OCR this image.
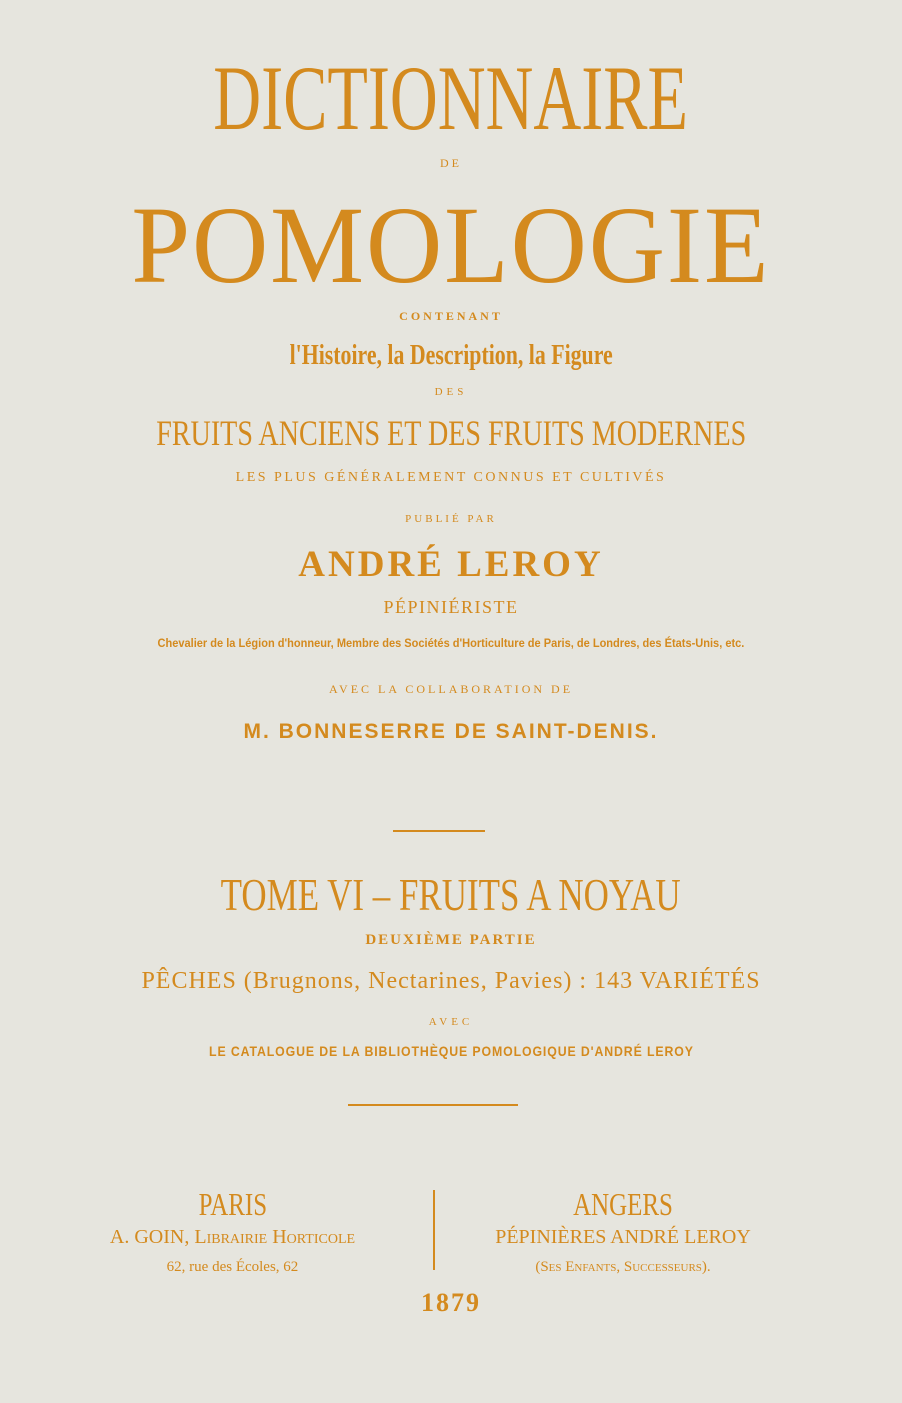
DICTIONNAIRE
DE
POMOLOGIE
CONTENANT
l'Histoire, la Description, la Figure
DES
FRUITS ANCIENS ET DES FRUITS MODERNES
LES PLUS GÉNÉRALEMENT CONNUS ET CULTIVÉS
PUBLIÉ PAR
ANDRÉ LEROY
PÉPINIÉRISTE
Chevalier de la Légion d'honneur, Membre des Sociétés d'Horticulture de Paris, de Londres, des États-Unis, etc.
AVEC LA COLLABORATION DE
M. BONNESERRE DE SAINT-DENIS.
TOME VI – FRUITS A NOYAU
DEUXIÈME PARTIE
PÊCHES (Brugnons, Nectarines, Pavies) : 143 VARIÉTÉS
AVEC
LE CATALOGUE DE LA BIBLIOTHÈQUE POMOLOGIQUE D'ANDRÉ LEROY
PARIS
A. GOIN, Librairie Horticole
62, rue des Écoles, 62
ANGERS
PÉPINIÈRES ANDRÉ LEROY
(Ses Enfants, Successeurs).
1879
